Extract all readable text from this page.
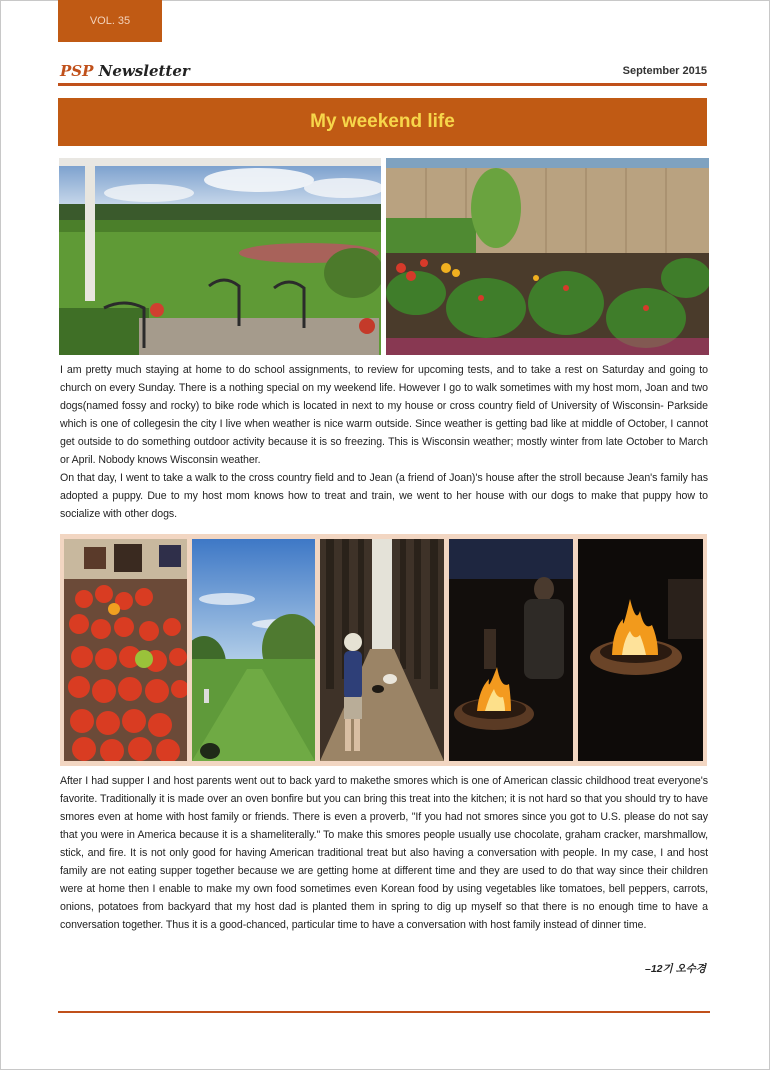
VOL. 35
PSP Newsletter	September 2015
My weekend life

I am pretty much staying at home to do school assignments, to review for upcoming tests, and to take a rest on Saturday and going to church on every Sunday. There is a nothing special on my weekend life. However I go to walk sometimes with my host mom, Joan and two dogs(named fossy and rocky) to bike rode which is located in next to my house or cross country field of University of Wisconsin- Parkside which is one of collegesin the city I live when weather is nice warm outside. Since weather is getting bad like at middle of October, I cannot get outside to do something outdoor activity because it is so freezing. This is Wisconsin weather; mostly winter from late October to March or April. Nobody knows Wisconsin weather.

On that day, I went to take a walk to the cross country field and to Jean (a friend of Joan)'s house after the stroll because Jean's family has adopted a puppy. Due to my host mom knows how to treat and train, we went to her house with our dogs to make that puppy how to socialize with other dogs.

After I had supper I and host parents went out to back yard to makethe smores which is one of American classic childhood treat everyone's favorite. Traditionally it is made over an oven bonfire but you can bring this treat into the kitchen; it is not hard so that you should try to have smores even at home with host family or friends. There is even a proverb, "If you had not smores since you got to U.S. please do not say that you were in America because it is a shameliterally." To make this smores people usually use chocolate, graham cracker, marshmallow, stick, and fire. It is not only good for having American traditional treat but also having a conversation with people. In my case, I and host family are not eating supper together because we are getting home at different time and they are used to do that way since their children were at home then I enable to make my own food sometimes even Korean food by using vegetables like tomatoes, bell peppers, carrots, onions, potatoes from backyard that my host dad is planted them in spring to dig up myself so that there is no enough time to have a conversation together. Thus it is a good-chanced, particular time to have a conversation with host family instead of dinner time.

–12기 오수경
